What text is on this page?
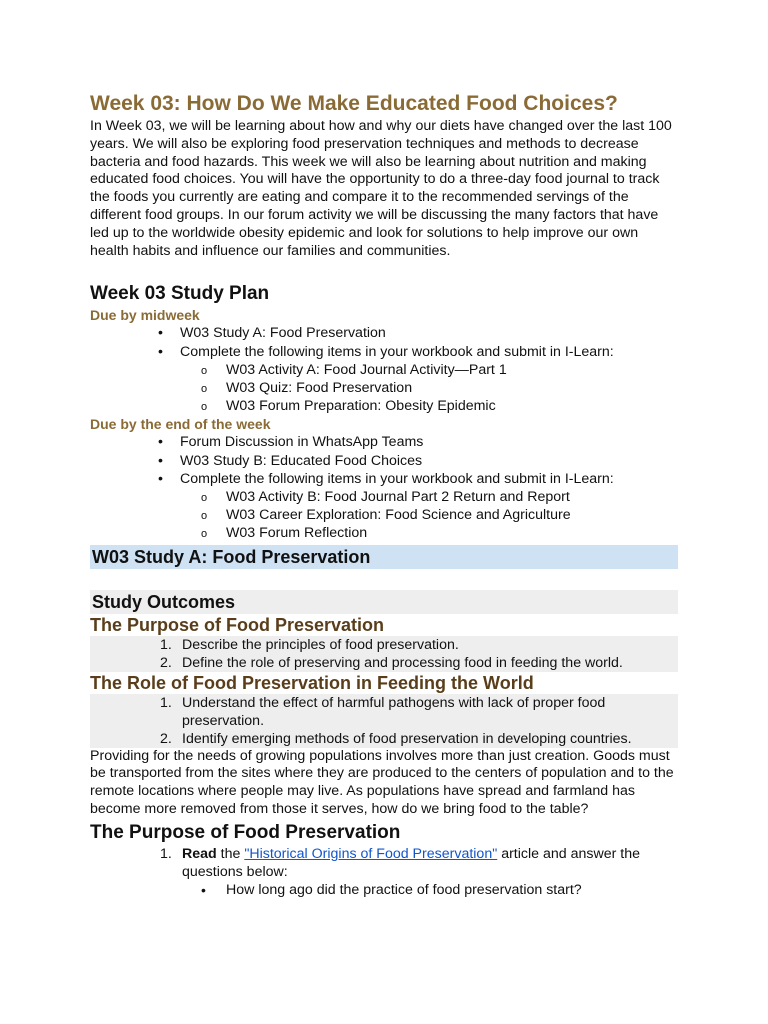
Week 03: How Do We Make Educated Food Choices?

In Week 03, we will be learning about how and why our diets have changed over the last 100 years. We will also be exploring food preservation techniques and methods to decrease bacteria and food hazards. This week we will also be learning about nutrition and making educated food choices. You will have the opportunity to do a three-day food journal to track the foods you currently are eating and compare it to the recommended servings of the different food groups. In our forum activity we will be discussing the many factors that have led up to the worldwide obesity epidemic and look for solutions to help improve our own health habits and influence our families and communities.

Week 03 Study Plan

Due by midweek

• W03 Study A: Food Preservation
• Complete the following items in your workbook and submit in I-Learn:
o W03 Activity A: Food Journal Activity—Part 1
o W03 Quiz: Food Preservation
o W03 Forum Preparation: Obesity Epidemic

Due by the end of the week

• Forum Discussion in WhatsApp Teams
• W03 Study B: Educated Food Choices
• Complete the following items in your workbook and submit in I-Learn:
o W03 Activity B: Food Journal Part 2 Return and Report
o W03 Career Exploration: Food Science and Agriculture
o W03 Forum Reflection
W03 Study A: Food Preservation
Study Outcomes
The Purpose of Food Preservation
1. Describe the principles of food preservation.
2. Define the role of preserving and processing food in feeding the world.
The Role of Food Preservation in Feeding the World
1. Understand the effect of harmful pathogens with lack of proper food preservation.
2. Identify emerging methods of food preservation in developing countries.

Providing for the needs of growing populations involves more than just creation. Goods must be transported from the sites where they are produced to the centers of population and to the remote locations where people may live. As populations have spread and farmland has become more removed from those it serves, how do we bring food to the table?

The Purpose of Food Preservation
1. Read the "Historical Origins of Food Preservation" article and answer the questions below:
• How long ago did the practice of food preservation start?
